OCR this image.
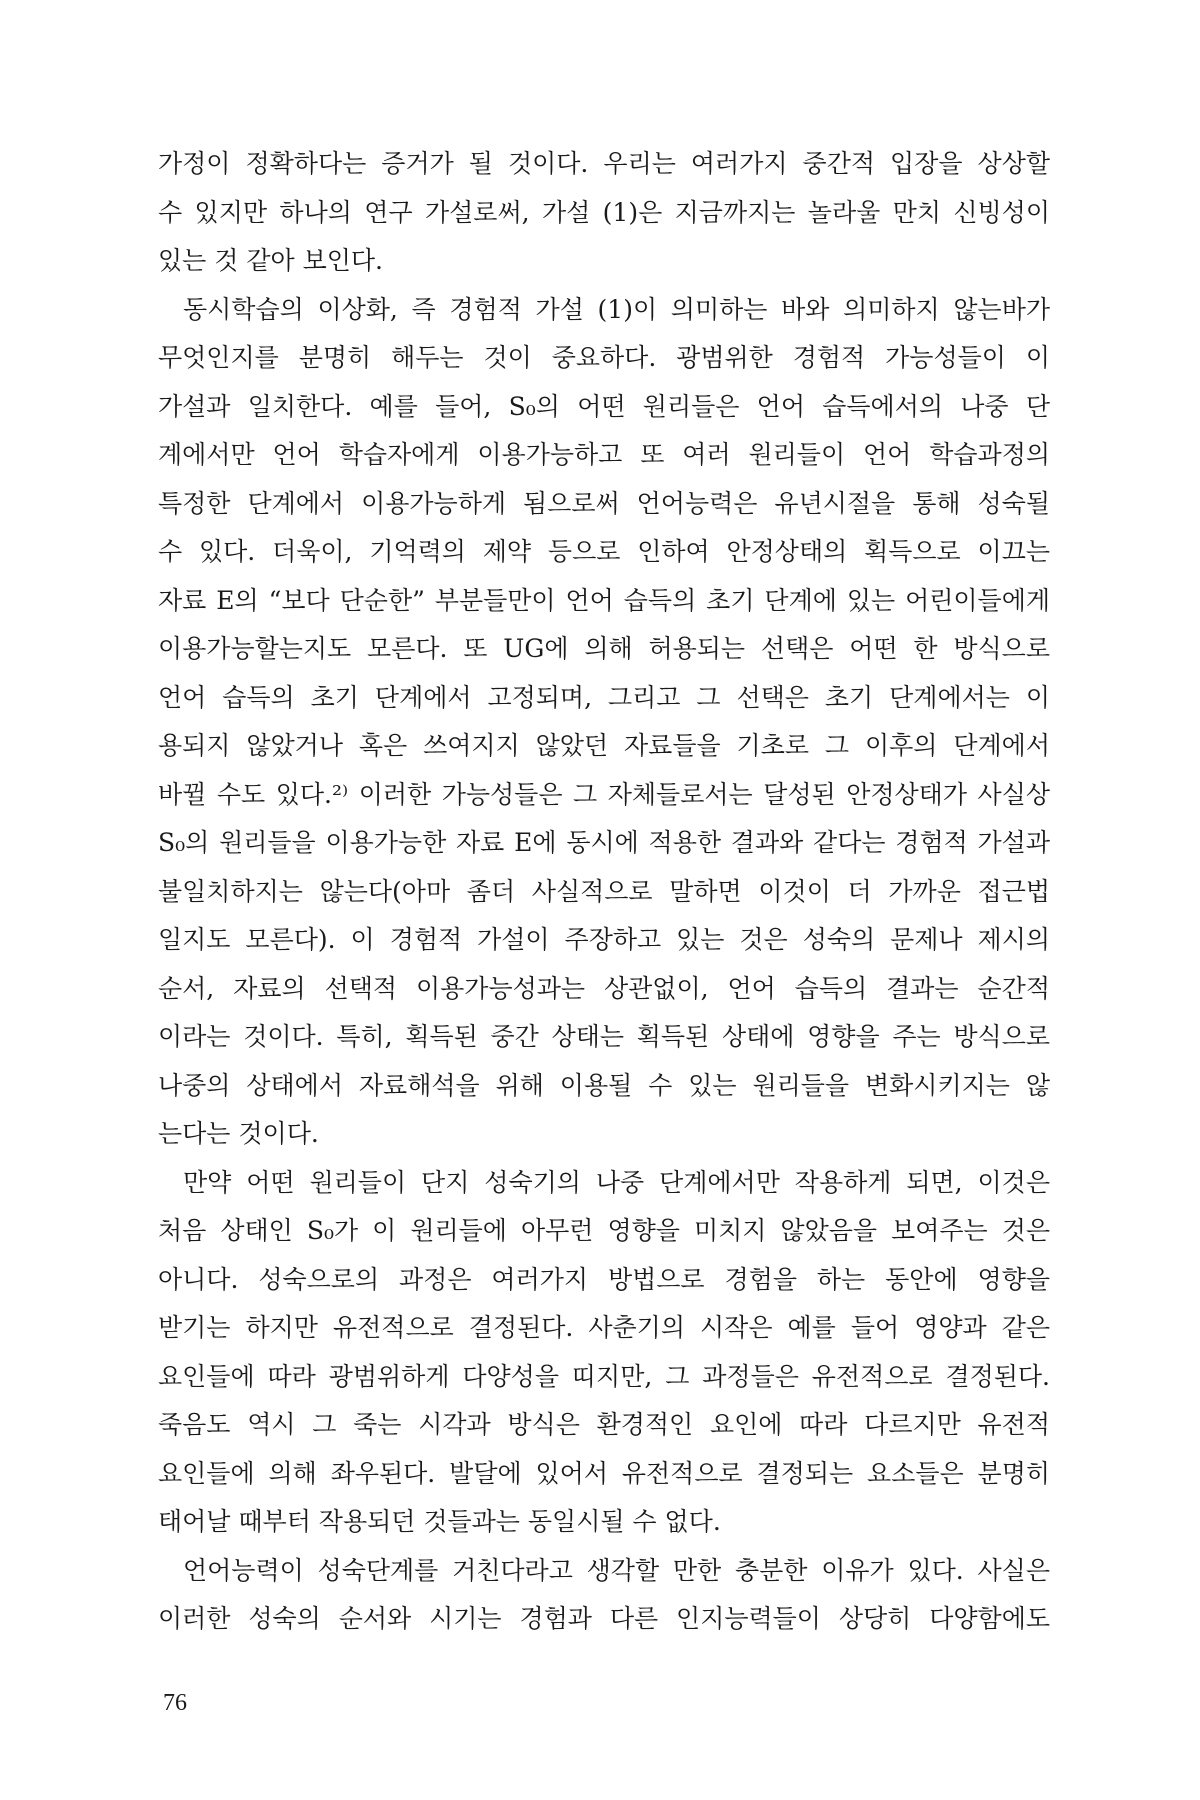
가정이 정확하다는 증거가 될 것이다. 우리는 여러가지 중간적 입장을 상상할
수 있지만 하나의 연구 가설로써, 가설 (1)은 지금까지는 놀라울 만치 신빙성이
있는 것 같아 보인다.
동시학습의 이상화, 즉 경험적 가설 (1)이 의미하는 바와 의미하지 않는바가
무엇인지를 분명히 해두는 것이 중요하다. 광범위한 경험적 가능성들이 이
가설과 일치한다. 예를 들어, S₀의 어떤 원리들은 언어 습득에서의 나중 단
계에서만 언어 학습자에게 이용가능하고 또 여러 원리들이 언어 학습과정의
특정한 단계에서 이용가능하게 됨으로써 언어능력은 유년시절을 통해 성숙될
수 있다. 더욱이, 기억력의 제약 등으로 인하여 안정상태의 획득으로 이끄는
자료 E의 “보다 단순한” 부분들만이 언어 습득의 초기 단계에 있는 어린이들에게
이용가능할는지도 모른다. 또 UG에 의해 허용되는 선택은 어떤 한 방식으로
언어 습득의 초기 단계에서 고정되며, 그리고 그 선택은 초기 단계에서는 이
용되지 않았거나 혹은 쓰여지지 않았던 자료들을 기초로 그 이후의 단계에서
바뀔 수도 있다.²⁾ 이러한 가능성들은 그 자체들로서는 달성된 안정상태가 사실상
S₀의 원리들을 이용가능한 자료 E에 동시에 적용한 결과와 같다는 경험적 가설과
불일치하지는 않는다(아마 좀더 사실적으로 말하면 이것이 더 가까운 접근법
일지도 모른다). 이 경험적 가설이 주장하고 있는 것은 성숙의 문제나 제시의
순서, 자료의 선택적 이용가능성과는 상관없이, 언어 습득의 결과는 순간적
이라는 것이다. 특히, 획득된 중간 상태는 획득된 상태에 영향을 주는 방식으로
나중의 상태에서 자료해석을 위해 이용될 수 있는 원리들을 변화시키지는 않
는다는 것이다.
만약 어떤 원리들이 단지 성숙기의 나중 단계에서만 작용하게 되면, 이것은
처음 상태인 S₀가 이 원리들에 아무런 영향을 미치지 않았음을 보여주는 것은
아니다. 성숙으로의 과정은 여러가지 방법으로 경험을 하는 동안에 영향을
받기는 하지만 유전적으로 결정된다. 사춘기의 시작은 예를 들어 영양과 같은
요인들에 따라 광범위하게 다양성을 띠지만, 그 과정들은 유전적으로 결정된다.
죽음도 역시 그 죽는 시각과 방식은 환경적인 요인에 따라 다르지만 유전적
요인들에 의해 좌우된다. 발달에 있어서 유전적으로 결정되는 요소들은 분명히
태어날 때부터 작용되던 것들과는 동일시될 수 없다.
언어능력이 성숙단계를 거친다라고 생각할 만한 충분한 이유가 있다. 사실은
이러한 성숙의 순서와 시기는 경험과 다른 인지능력들이 상당히 다양함에도
76
